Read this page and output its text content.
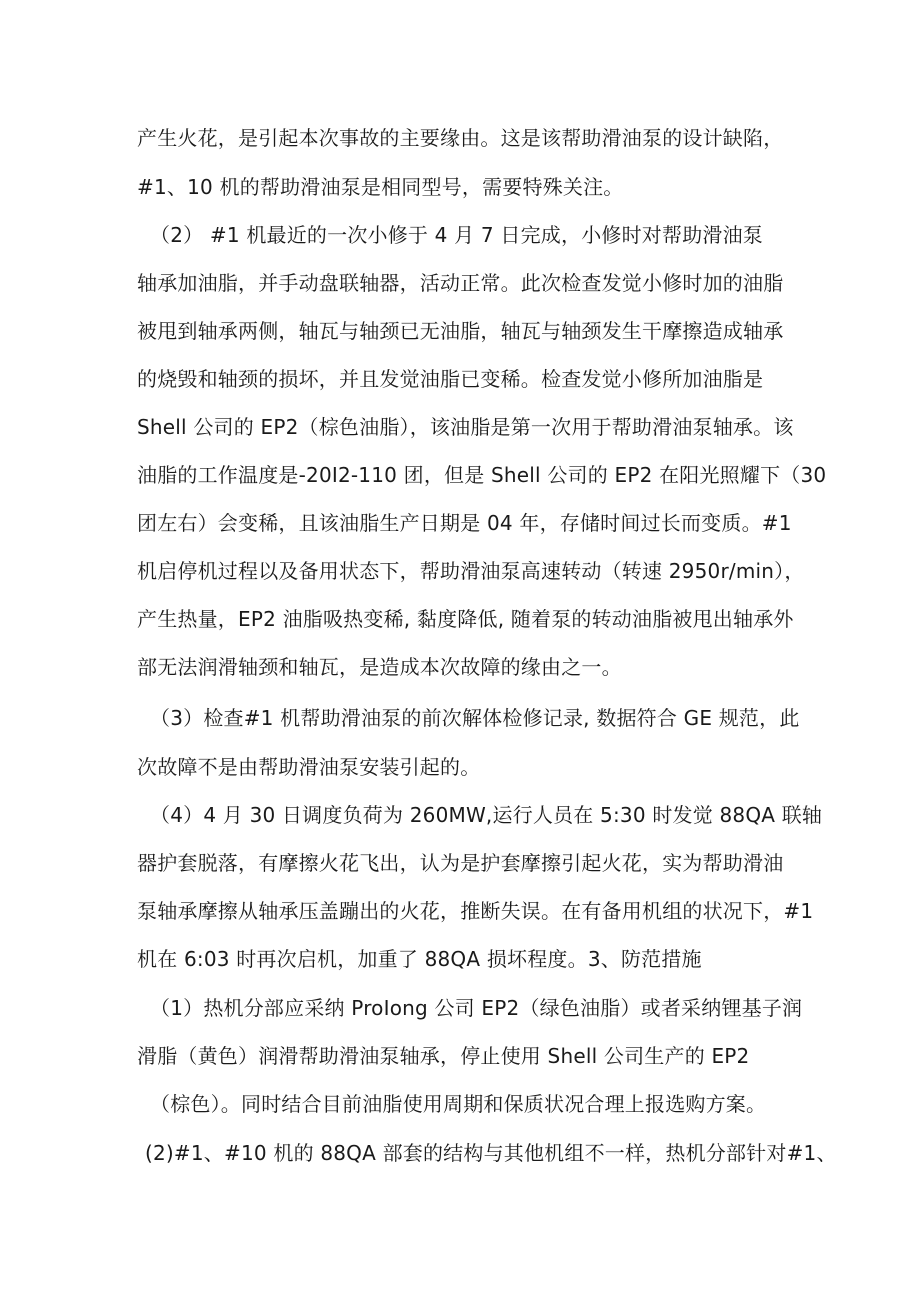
产生火花，是引起本次事故的主要缘由。这是该帮助滑油泵的设计缺陷，
#1、10 机的帮助滑油泵是相同型号，需要特殊关注。
（2） #1 机最近的一次小修于 4 月 7 日完成，小修时对帮助滑油泵
轴承加油脂，并手动盘联轴器，活动正常。此次检查发觉小修时加的油脂
被甩到轴承两侧，轴瓦与轴颈已无油脂，轴瓦与轴颈发生干摩擦造成轴承
的烧毁和轴颈的损坏，并且发觉油脂已变稀。检查发觉小修所加油脂是
Shell 公司的 EP2（棕色油脂），该油脂是第一次用于帮助滑油泵轴承。该
油脂的工作温度是-20I2-110 团，但是 Shell 公司的 EP2 在阳光照耀下（30
团左右）会变稀，且该油脂生产日期是 04 年，存储时间过长而变质。#1
机启停机过程以及备用状态下，帮助滑油泵高速转动（转速 2950r/min），
产生热量，EP2 油脂吸热变稀, 黏度降低, 随着泵的转动油脂被甩出轴承外
部无法润滑轴颈和轴瓦，是造成本次故障的缘由之一。
（3）检查#1 机帮助滑油泵的前次解体检修记录, 数据符合 GE 规范，此
次故障不是由帮助滑油泵安装引起的。
（4）4 月 30 日调度负荷为 260MW,运行人员在 5:30 时发觉 88QA 联轴
器护套脱落，有摩擦火花飞出，认为是护套摩擦引起火花，实为帮助滑油
泵轴承摩擦从轴承压盖蹦出的火花，推断失误。在有备用机组的状况下，#1
机在 6:03 时再次启机，加重了 88QA 损坏程度。3、防范措施
（1）热机分部应采纳 ProIong 公司 EP2（绿色油脂）或者采纳锂基子润
滑脂（黄色）润滑帮助滑油泵轴承，停止使用 Shell 公司生产的 EP2
（棕色）。同时结合目前油脂使用周期和保质状况合理上报选购方案。
(2)#1、#10 机的 88QA 部套的结构与其他机组不一样，热机分部针对#1、
